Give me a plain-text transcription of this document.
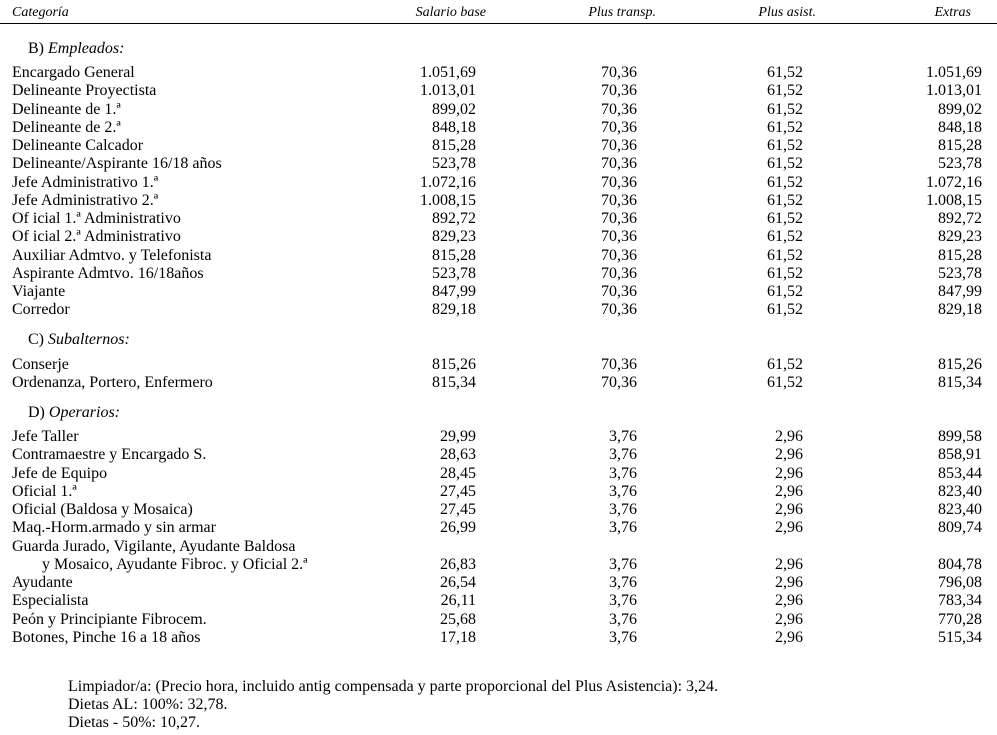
Categoría	Salario base	Plus transp.	Plus asist.	Extras
B) Empleados:
Encargado General	1.051,69	70,36	61,52	1.051,69
Delineante Proyectista	1.013,01	70,36	61,52	1.013,01
Delineante de 1.ª	899,02	70,36	61,52	899,02
Delineante de 2.ª	848,18	70,36	61,52	848,18
Delineante Calcador	815,28	70,36	61,52	815,28
Delineante/Aspirante 16/18 años	523,78	70,36	61,52	523,78
Jefe Administrativo 1.ª	1.072,16	70,36	61,52	1.072,16
Jefe Administrativo 2.ª	1.008,15	70,36	61,52	1.008,15
Of icial 1.ª Administrativo	892,72	70,36	61,52	892,72
Of icial 2.ª Administrativo	829,23	70,36	61,52	829,23
Auxiliar Admtvo. y Telefonista	815,28	70,36	61,52	815,28
Aspirante Admtvo. 16/18años	523,78	70,36	61,52	523,78
Viajante	847,99	70,36	61,52	847,99
Corredor	829,18	70,36	61,52	829,18
C) Subalternos:
Conserje	815,26	70,36	61,52	815,26
Ordenanza, Portero, Enfermero	815,34	70,36	61,52	815,34
D) Operarios:
Jefe Taller	29,99	3,76	2,96	899,58
Contramaestre y Encargado S.	28,63	3,76	2,96	858,91
Jefe de Equipo	28,45	3,76	2,96	853,44
Oficial 1.ª	27,45	3,76	2,96	823,40
Oficial (Baldosa y Mosaica)	27,45	3,76	2,96	823,40
Maq.-Horm.armado y sin armar	26,99	3,76	2,96	809,74
Guarda Jurado, Vigilante, Ayudante Baldosa
y Mosaico, Ayudante Fibroc. y Oficial 2.ª	26,83	3,76	2,96	804,78
Ayudante	26,54	3,76	2,96	796,08
Especialista	26,11	3,76	2,96	783,34
Peón y Principiante Fibrocem.	25,68	3,76	2,96	770,28
Botones, Pinche 16 a 18 años	17,18	3,76	2,96	515,34
Limpiador/a: (Precio hora, incluido antig compensada y parte proporcional del Plus Asistencia): 3,24.
Dietas AL: 100%: 32,78.
Dietas - 50%: 10,27.
